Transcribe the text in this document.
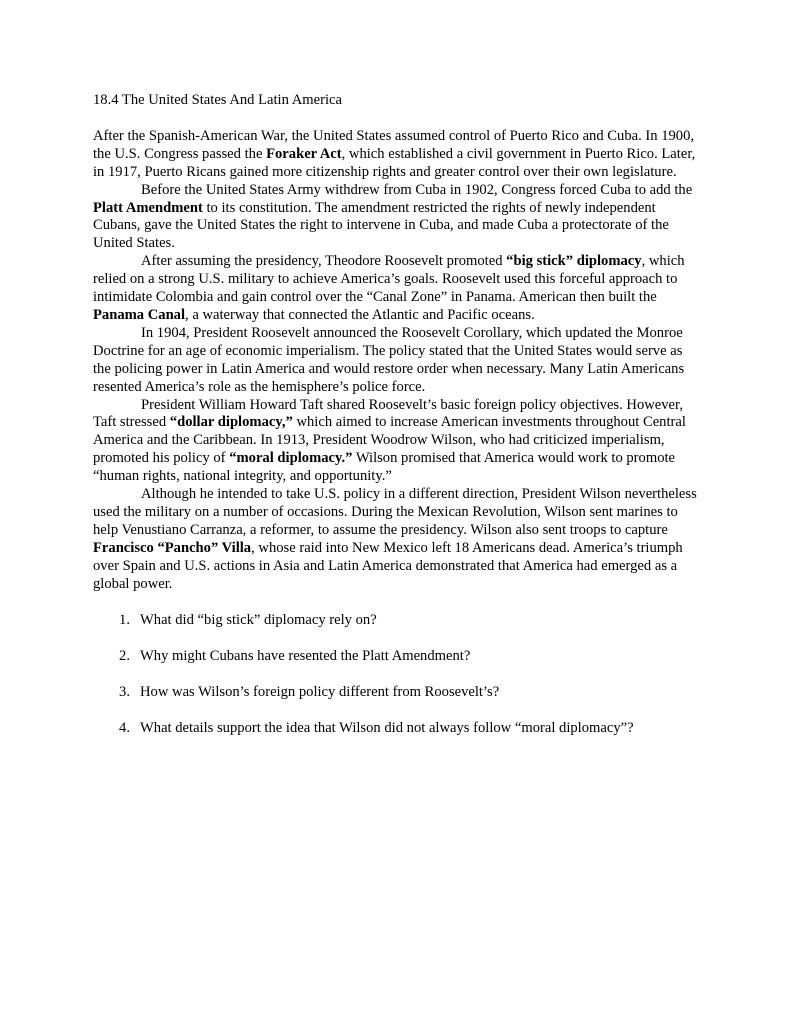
18.4 The United States And Latin America

After the Spanish-American War, the United States assumed control of Puerto Rico and Cuba. In 1900, the U.S. Congress passed the Foraker Act, which established a civil government in Puerto Rico. Later, in 1917, Puerto Ricans gained more citizenship rights and greater control over their own legislature.

Before the United States Army withdrew from Cuba in 1902, Congress forced Cuba to add the Platt Amendment to its constitution. The amendment restricted the rights of newly independent Cubans, gave the United States the right to intervene in Cuba, and made Cuba a protectorate of the United States.

After assuming the presidency, Theodore Roosevelt promoted “big stick” diplomacy, which relied on a strong U.S. military to achieve America’s goals. Roosevelt used this forceful approach to intimidate Colombia and gain control over the “Canal Zone” in Panama. American then built the Panama Canal, a waterway that connected the Atlantic and Pacific oceans.

In 1904, President Roosevelt announced the Roosevelt Corollary, which updated the Monroe Doctrine for an age of economic imperialism. The policy stated that the United States would serve as the policing power in Latin America and would restore order when necessary. Many Latin Americans resented America’s role as the hemisphere’s police force.

President William Howard Taft shared Roosevelt’s basic foreign policy objectives. However, Taft stressed “dollar diplomacy,” which aimed to increase American investments throughout Central America and the Caribbean. In 1913, President Woodrow Wilson, who had criticized imperialism, promoted his policy of “moral diplomacy.” Wilson promised that America would work to promote “human rights, national integrity, and opportunity.”

Although he intended to take U.S. policy in a different direction, President Wilson nevertheless used the military on a number of occasions. During the Mexican Revolution, Wilson sent marines to help Venustiano Carranza, a reformer, to assume the presidency. Wilson also sent troops to capture Francisco “Pancho” Villa, whose raid into New Mexico left 18 Americans dead. America’s triumph over Spain and U.S. actions in Asia and Latin America demonstrated that America had emerged as a global power.

1. What did “big stick” diplomacy rely on?
2. Why might Cubans have resented the Platt Amendment?
3. How was Wilson’s foreign policy different from Roosevelt’s?
4. What details support the idea that Wilson did not always follow “moral diplomacy”?
